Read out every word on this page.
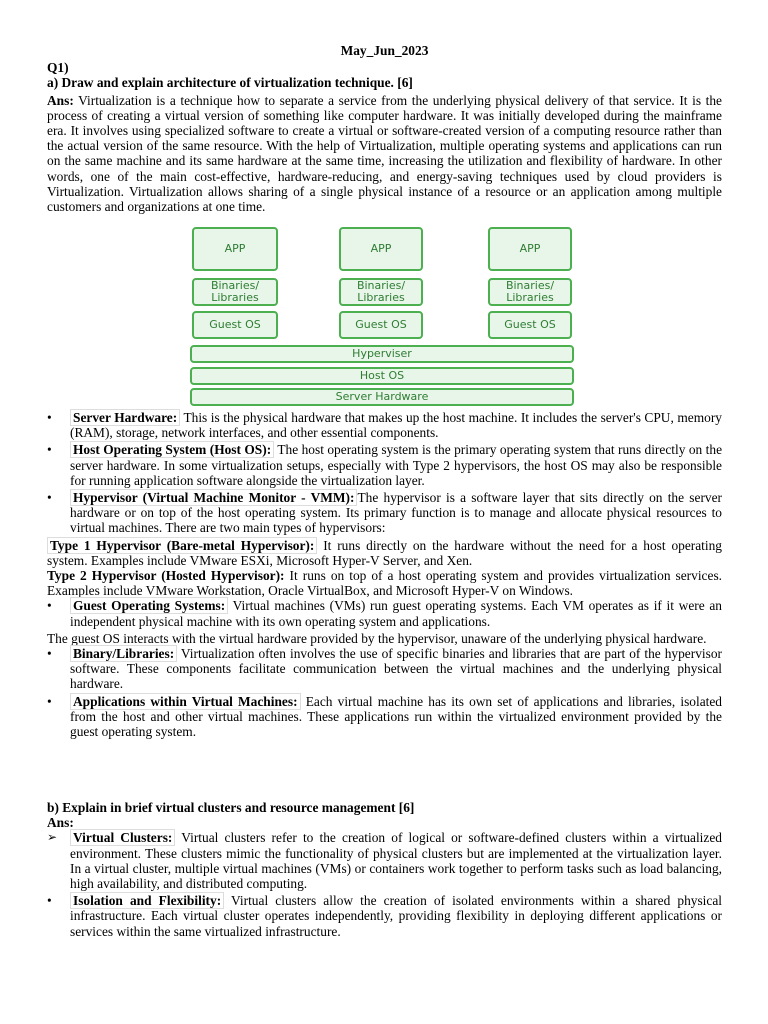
May_Jun_2023

Q1)

a) Draw and explain architecture of virtualization technique. [6]

Ans: Virtualization is a technique how to separate a service from the underlying physical delivery of that service. It is the process of creating a virtual version of something like computer hardware. It was initially developed during the mainframe era. It involves using specialized software to create a virtual or software-created version of a computing resource rather than the actual version of the same resource. With the help of Virtualization, multiple operating systems and applications can run on the same machine and its same hardware at the same time, increasing the utilization and flexibility of hardware. In other words, one of the main cost-effective, hardware-reducing, and energy-saving techniques used by cloud providers is Virtualization. Virtualization allows sharing of a single physical instance of a resource or an application among multiple customers and organizations at one time.

APP	APP	APP
Binaries/ Libraries
Binaries/ Libraries
Binaries/ Libraries
Guest OS	Guest OS	Guest OS
Hyperviser
Host OS
Server Hardware
• Server Hardware: This is the physical hardware that makes up the host machine. It includes the server's CPU, memory (RAM), storage, network interfaces, and other essential components.
• Host Operating System (Host OS): The host operating system is the primary operating system that runs directly on the server hardware. In some virtualization setups, especially with Type 2 hypervisors, the host OS may also be responsible for running application software alongside the virtualization layer.
• Hypervisor (Virtual Machine Monitor - VMM): The hypervisor is a software layer that sits directly on the server hardware or on top of the host operating system. Its primary function is to manage and allocate physical resources to virtual machines. There are two main types of hypervisors:

Type 1 Hypervisor (Bare-metal Hypervisor): It runs directly on the hardware without the need for a host operating system. Examples include VMware ESXi, Microsoft Hyper-V Server, and Xen.

Type 2 Hypervisor (Hosted Hypervisor): It runs on top of a host operating system and provides virtualization services. Examples include VMware Workstation, Oracle VirtualBox, and Microsoft Hyper-V on Windows.

• Guest Operating Systems: Virtual machines (VMs) run guest operating systems. Each VM operates as if it were an independent physical machine with its own operating system and applications.

The guest OS interacts with the virtual hardware provided by the hypervisor, unaware of the underlying physical hardware.

• Binary/Libraries: Virtualization often involves the use of specific binaries and libraries that are part of the hypervisor software. These components facilitate communication between the virtual machines and the underlying physical hardware.
• Applications within Virtual Machines: Each virtual machine has its own set of applications and libraries, isolated from the host and other virtual machines. These applications run within the virtualized environment provided by the guest operating system.

b) Explain in brief virtual clusters and resource management [6]

Ans:

➢ Virtual Clusters: Virtual clusters refer to the creation of logical or software-defined clusters within a virtualized environment. These clusters mimic the functionality of physical clusters but are implemented at the virtualization layer. In a virtual cluster, multiple virtual machines (VMs) or containers work together to perform tasks such as load balancing, high availability, and distributed computing.
• Isolation and Flexibility: Virtual clusters allow the creation of isolated environments within a shared physical infrastructure. Each virtual cluster operates independently, providing flexibility in deploying different applications or services within the same virtualized infrastructure.
